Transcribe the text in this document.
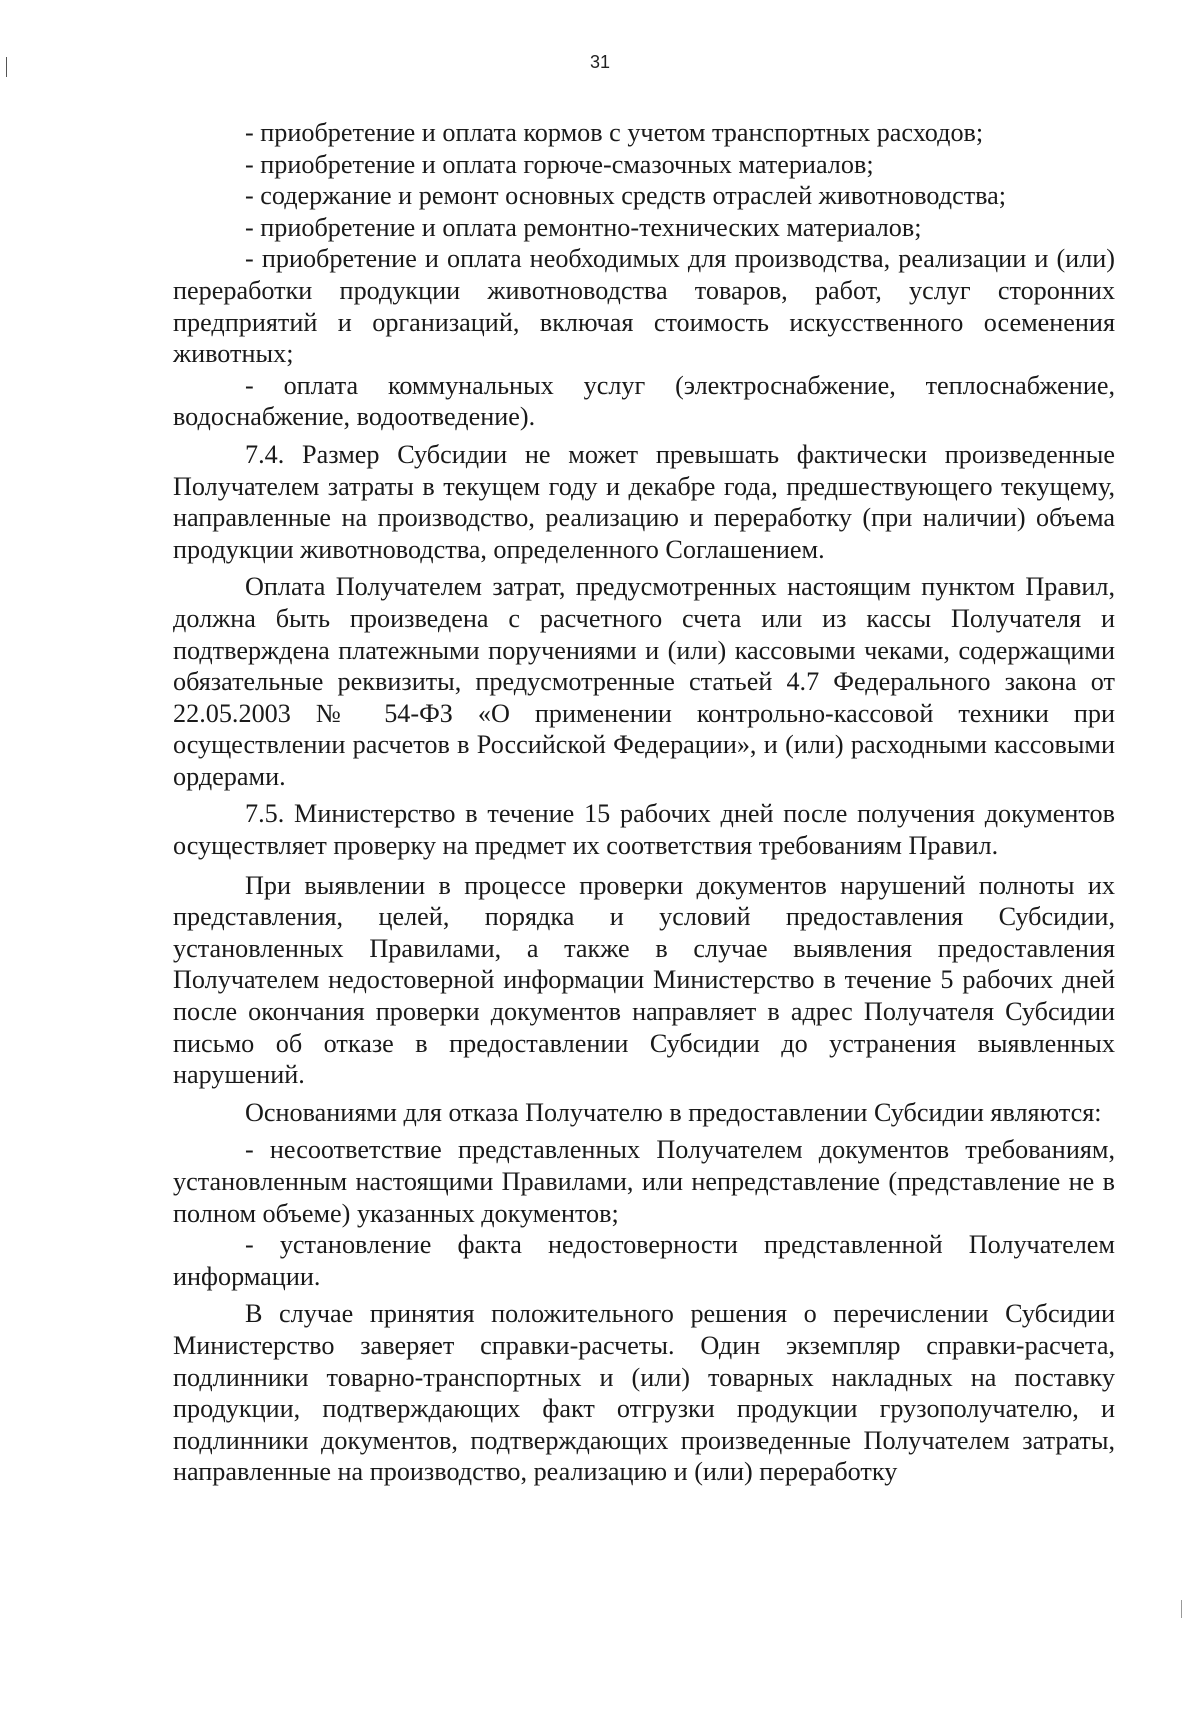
31

- приобретение и оплата кормов с учетом транспортных расходов;

- приобретение и оплата горюче-смазочных материалов;

- содержание и ремонт основных средств отраслей животноводства;

- приобретение и оплата ремонтно-технических материалов;

- приобретение и оплата необходимых для производства, реализации и (или) переработки продукции животноводства товаров, работ, услуг сторонних предприятий и организаций, включая стоимость искусственного осеменения животных;

- оплата коммунальных услуг (электроснабжение, теплоснабжение, водоснабжение, водоотведение).

7.4. Размер Субсидии не может превышать фактически произведенные Получателем затраты в текущем году и декабре года, предшествующего текущему, направленные на производство, реализацию и переработку (при наличии) объема продукции животноводства, определенного Соглашением.

Оплата Получателем затрат, предусмотренных настоящим пунктом Правил, должна быть произведена с расчетного счета или из кассы Получателя и подтверждена платежными поручениями и (или) кассовыми чеками, содержащими обязательные реквизиты, предусмотренные статьей 4.7 Федерального закона от 22.05.2003 № 54-ФЗ «О применении контрольно-кассовой техники при осуществлении расчетов в Российской Федерации», и (или) расходными кассовыми ордерами.

7.5. Министерство в течение 15 рабочих дней после получения документов осуществляет проверку на предмет их соответствия требованиям Правил.

При выявлении в процессе проверки документов нарушений полноты их представления, целей, порядка и условий предоставления Субсидии, установленных Правилами, а также в случае выявления предоставления Получателем недостоверной информации Министерство в течение 5 рабочих дней после окончания проверки документов направляет в адрес Получателя Субсидии письмо об отказе в предоставлении Субсидии до устранения выявленных нарушений.

Основаниями для отказа Получателю в предоставлении Субсидии являются:

- несоответствие представленных Получателем документов требованиям, установленным настоящими Правилами, или непредставление (представление не в полном объеме) указанных документов;

- установление факта недостоверности представленной Получателем информации.

В случае принятия положительного решения о перечислении Субсидии Министерство заверяет справки-расчеты. Один экземпляр справки-расчета, подлинники товарно-транспортных и (или) товарных накладных на поставку продукции, подтверждающих факт отгрузки продукции грузополучателю, и подлинники документов, подтверждающих произведенные Получателем затраты, направленные на производство, реализацию и (или) переработку
